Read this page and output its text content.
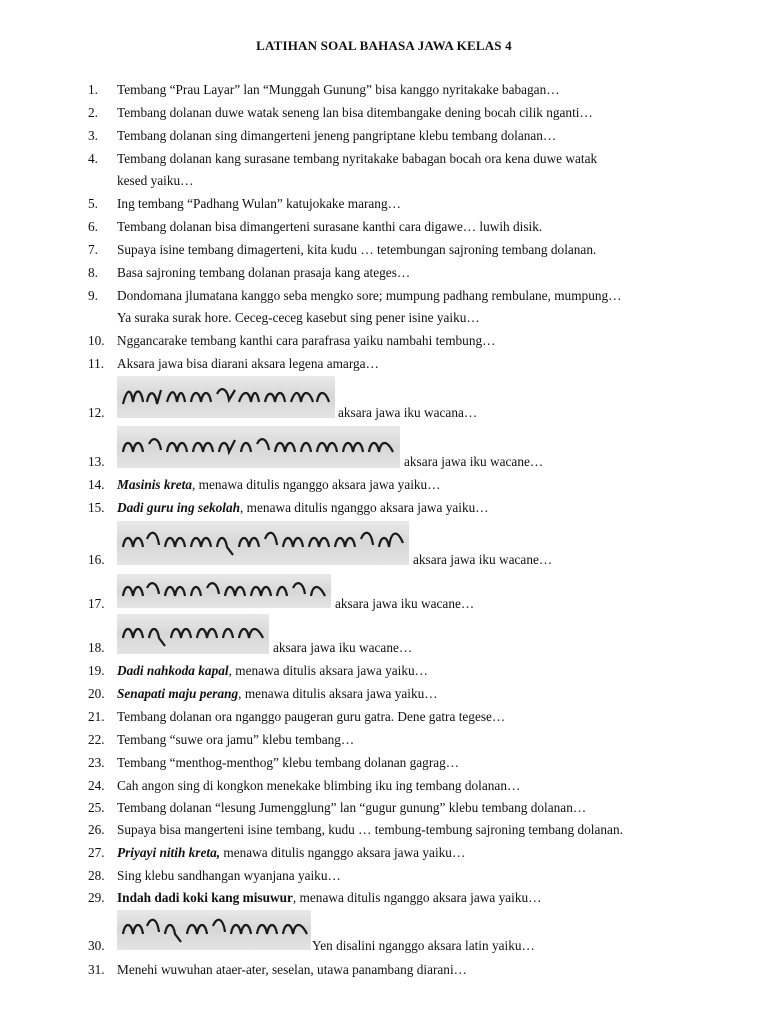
LATIHAN SOAL BAHASA JAWA KELAS 4
1.	Tembang “Prau Layar” lan “Munggah Gunung” bisa kanggo nyritakake babagan…
2.	Tembang dolanan duwe watak seneng lan bisa ditembangake dening bocah cilik nganti…
3.	Tembang dolanan sing dimangerteni jeneng pangriptane klebu tembang dolanan…
4.	Tembang dolanan kang surasane tembang nyritakake babagan bocah ora kena duwe watak
kesed yaiku…
5.	Ing tembang “Padhang Wulan” katujokake marang…
6.	Tembang dolanan bisa dimangerteni surasane kanthi cara digawe… luwih disik.
7.	Supaya isine tembang dimagerteni, kita kudu … tetembungan sajroning tembang dolanan.
8.	Basa sajroning tembang dolanan prasaja kang ateges…
9.	Dondomana jlumatana kanggo seba mengko sore; mumpung padhang rembulane, mumpung…
Ya suraka surak hore. Ceceg-ceceg kasebut sing pener isine yaiku…
10. Nggancarake tembang kanthi cara parafrasa yaiku nambahi tembung…
11. Aksara jawa bisa diarani aksara legena amarga…
12.	aksara jawa iku wacana…
13.	aksara jawa iku wacane…
14. Masinis kreta, menawa ditulis nganggo aksara jawa yaiku…
15. Dadi guru ing sekolah, menawa ditulis nganggo aksara jawa yaiku…
16.	aksara jawa iku wacane…
17.	aksara jawa iku wacane…
18.	aksara jawa iku wacane…
19. Dadi nahkoda kapal, menawa ditulis aksara jawa yaiku…
20. Senapati maju perang, menawa ditulis aksara jawa yaiku…
21. Tembang dolanan ora nganggo paugeran guru gatra. Dene gatra tegese…
22. Tembang “suwe ora jamu” klebu tembang…
23. Tembang “menthog-menthog” klebu tembang dolanan gagrag…
24. Cah angon sing di kongkon menekake blimbing iku ing tembang dolanan…
25. Tembang dolanan “lesung Jumengglung” lan “gugur gunung” klebu tembang dolanan…
26. Supaya bisa mangerteni isine tembang, kudu … tembung-tembung sajroning tembang dolanan.
27. Priyayi nitih kreta, menawa ditulis nganggo aksara jawa yaiku…
28. Sing klebu sandhangan wyanjana yaiku…
29. Indah dadi koki kang misuwur, menawa ditulis nganggo aksara jawa yaiku…
30.	Yen disalini nganggo aksara latin yaiku…
31. Menehi wuwuhan ataer-ater, seselan, utawa panambang diarani…
